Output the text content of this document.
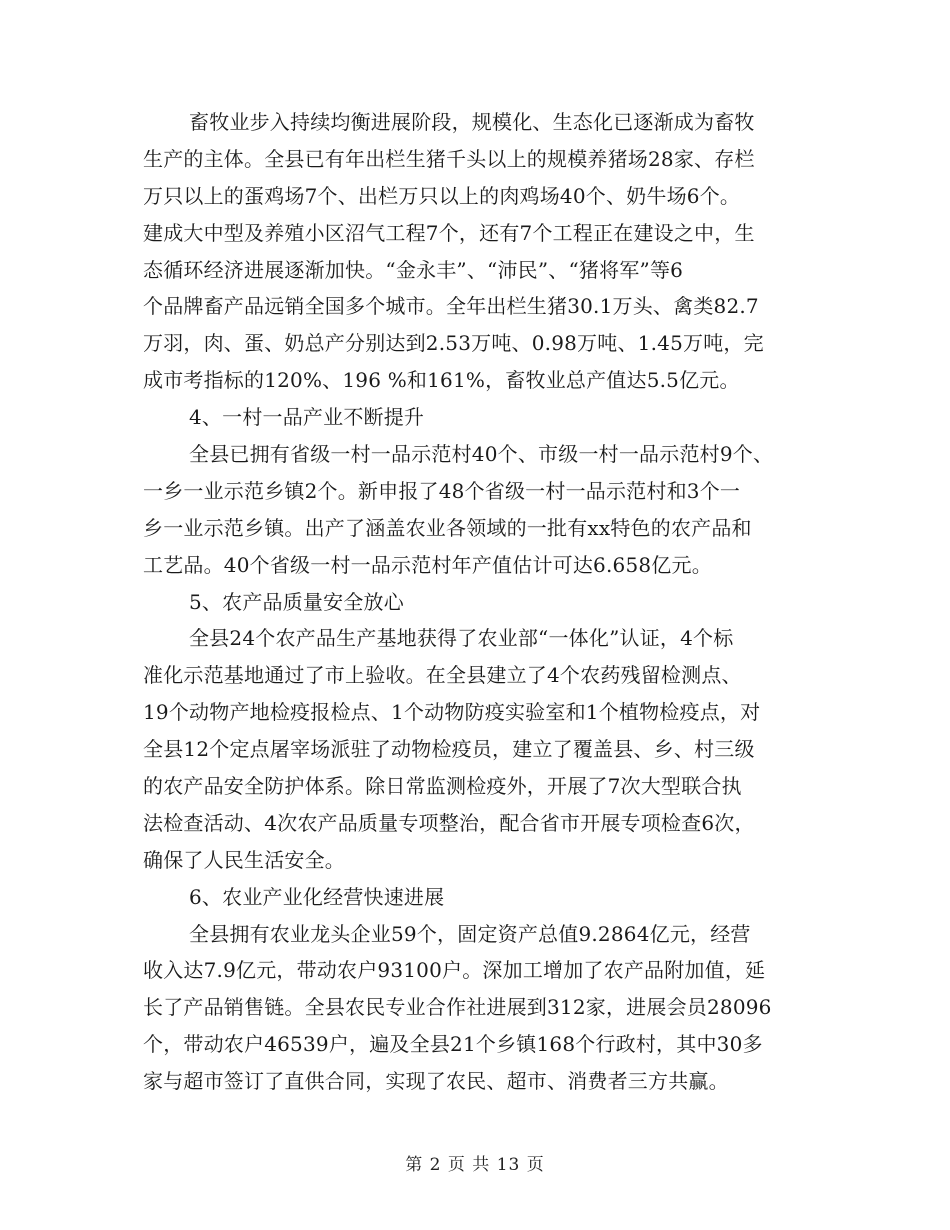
畜牧业步入持续均衡进展阶段，规模化、生态化已逐渐成为畜牧
生产的主体。全县已有年出栏生猪千头以上的规模养猪场28家、存栏
万只以上的蛋鸡场7个、出栏万只以上的肉鸡场40个、奶牛场6个。
建成大中型及养殖小区沼气工程7个，还有7个工程正在建设之中，生
态循环经济进展逐渐加快。“金永丰”、“沛民”、“猪将军”等6
个品牌畜产品远销全国多个城市。全年出栏生猪30.1万头、禽类82.7
万羽，肉、蛋、奶总产分别达到2.53万吨、0.98万吨、1.45万吨，完
成市考指标的120%、196 %和161%，畜牧业总产值达5.5亿元。
4、一村一品产业不断提升
全县已拥有省级一村一品示范村40个、市级一村一品示范村9个、
一乡一业示范乡镇2个。新申报了48个省级一村一品示范村和3个一
乡一业示范乡镇。出产了涵盖农业各领域的一批有xx特色的农产品和
工艺品。40个省级一村一品示范村年产值估计可达6.658亿元。
5、农产品质量安全放心
全县24个农产品生产基地获得了农业部“一体化”认证，4个标
准化示范基地通过了市上验收。在全县建立了4个农药残留检测点、
19个动物产地检疫报检点、1个动物防疫实验室和1个植物检疫点，对
全县12个定点屠宰场派驻了动物检疫员，建立了覆盖县、乡、村三级
的农产品安全防护体系。除日常监测检疫外，开展了7次大型联合执
法检查活动、4次农产品质量专项整治，配合省市开展专项检查6次，
确保了人民生活安全。
6、农业产业化经营快速进展
全县拥有农业龙头企业59个，固定资产总值9.2864亿元，经营
收入达7.9亿元，带动农户93100户。深加工增加了农产品附加值，延
长了产品销售链。全县农民专业合作社进展到312家，进展会员28096
个，带动农户46539户，遍及全县21个乡镇168个行政村，其中30多
家与超市签订了直供合同，实现了农民、超市、消费者三方共赢。
第 2 页 共 13 页
